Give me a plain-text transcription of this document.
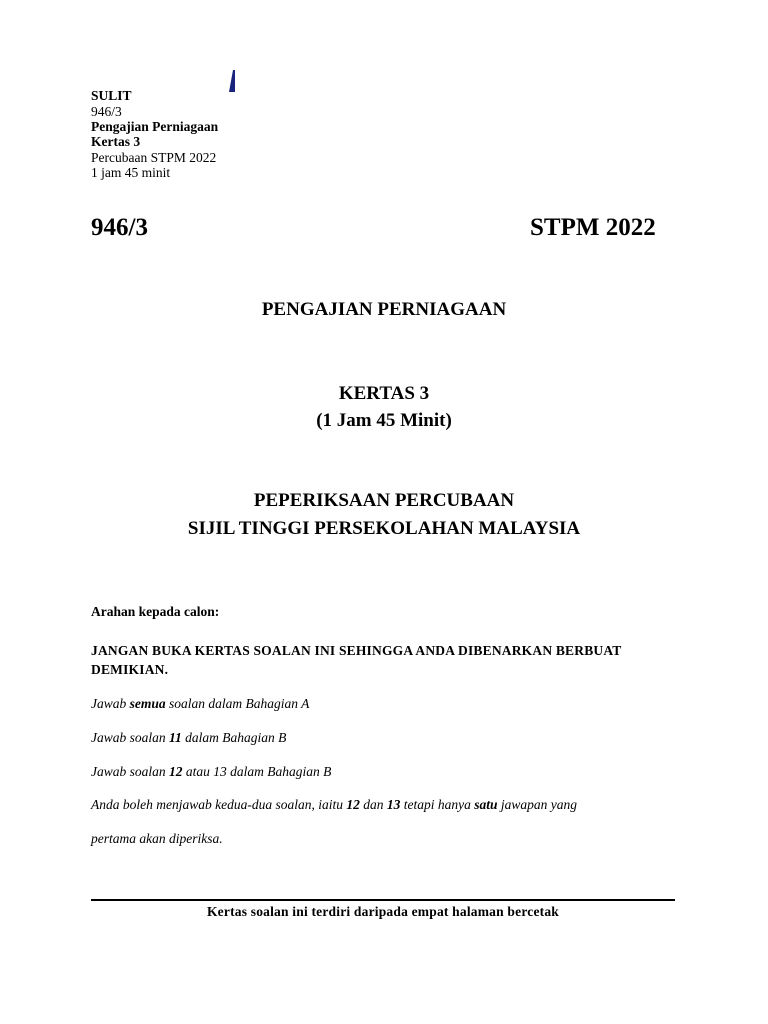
SULIT
946/3
Pengajian Perniagaan
Kertas 3
Percubaan STPM 2022
1 jam 45 minit
946/3	STPM 2022
PENGAJIAN PERNIAGAAN
KERTAS 3
(1 Jam 45 Minit)
PEPERIKSAAN PERCUBAAN
SIJIL TINGGI PERSEKOLAHAN MALAYSIA
Arahan kepada calon:
JANGAN BUKA KERTAS SOALAN INI SEHINGGA ANDA DIBENARKAN BERBUAT DEMIKIAN.
Jawab semua soalan dalam Bahagian A
Jawab soalan 11 dalam Bahagian B
Jawab soalan 12 atau 13 dalam Bahagian B
Anda boleh menjawab kedua-dua soalan, iaitu 12 dan 13 tetapi hanya satu jawapan yang
pertama akan diperiksa.
Kertas soalan ini terdiri daripada empat halaman bercetak
